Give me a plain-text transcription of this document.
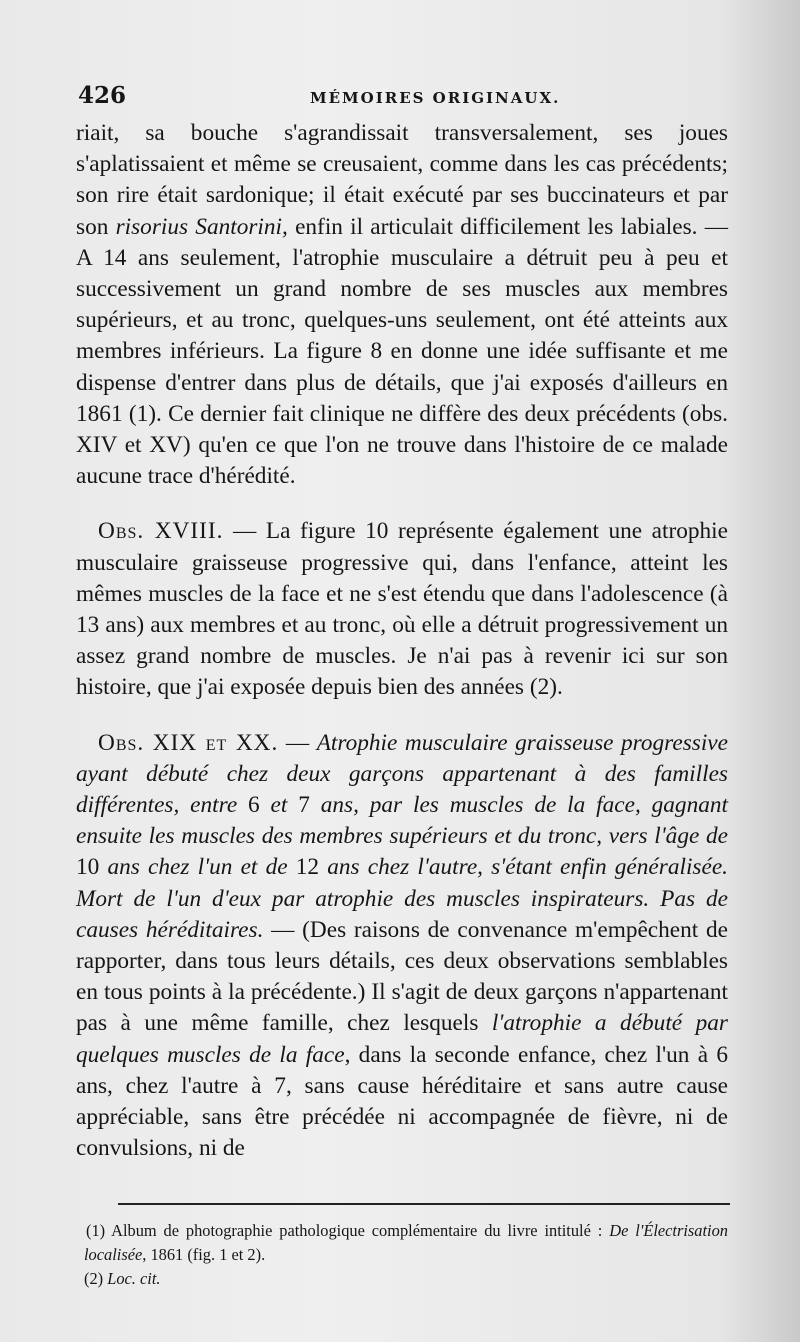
426	MÉMOIRES ORIGINAUX.

riait, sa bouche s'agrandissait transversalement, ses joues s'aplatissaient et même se creusaient, comme dans les cas précédents; son rire était sardonique; il était exécuté par ses buccinateurs et par son risorius Santorini, enfin il articulait difficilement les labiales. — A 14 ans seulement, l'atrophie musculaire a détruit peu à peu et successivement un grand nombre de ses muscles aux membres supérieurs, et au tronc, quelques-uns seulement, ont été atteints aux membres inférieurs. La figure 8 en donne une idée suffisante et me dispense d'entrer dans plus de détails, que j'ai exposés d'ailleurs en 1861 (1). Ce dernier fait clinique ne diffère des deux précédents (obs. XIV et XV) qu'en ce que l'on ne trouve dans l'histoire de ce malade aucune trace d'hérédité.

Obs. XVIII. — La figure 10 représente également une atrophie musculaire graisseuse progressive qui, dans l'enfance, atteint les mêmes muscles de la face et ne s'est étendu que dans l'adolescence (à 13 ans) aux membres et au tronc, où elle a détruit progressivement un assez grand nombre de muscles. Je n'ai pas à revenir ici sur son histoire, que j'ai exposée depuis bien des années (2).

Obs. XIX et XX. — Atrophie musculaire graisseuse progressive ayant débuté chez deux garçons appartenant à des familles différentes, entre 6 et 7 ans, par les muscles de la face, gagnant ensuite les muscles des membres supérieurs et du tronc, vers l'âge de 10 ans chez l'un et de 12 ans chez l'autre, s'étant enfin généralisée. Mort de l'un d'eux par atrophie des muscles inspirateurs. Pas de causes héréditaires. — (Des raisons de convenance m'empêchent de rapporter, dans tous leurs détails, ces deux observations semblables en tous points à la précédente.) Il s'agit de deux garçons n'appartenant pas à une même famille, chez lesquels l'atrophie a débuté par quelques muscles de la face, dans la seconde enfance, chez l'un à 6 ans, chez l'autre à 7, sans cause héréditaire et sans autre cause appréciable, sans être précédée ni accompagnée de fièvre, ni de convulsions, ni de

(1) Album de photographie pathologique complémentaire du livre intitulé : De l'Électrisation localisée, 1861 (fig. 1 et 2).

(2) Loc. cit.
